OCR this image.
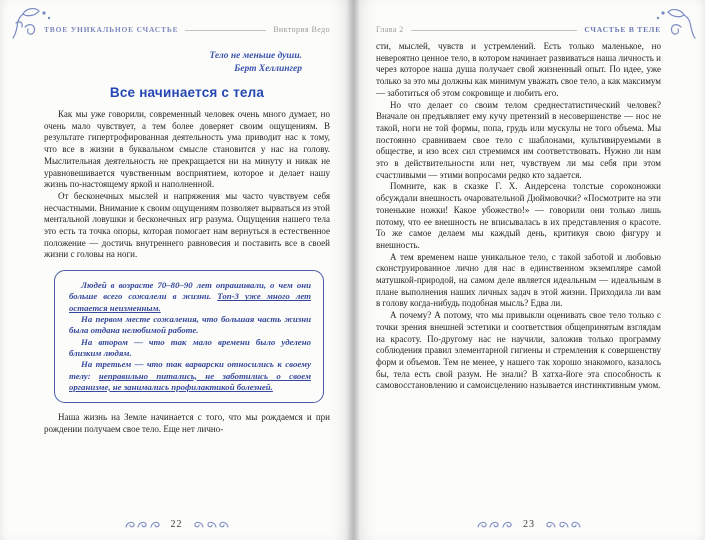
ТВОЕ УНИКАЛЬНОЕ СЧАСТЬЕ	Виктория Ведо
Тело не меньше души.
Берт Хеллингер
Все начинается с тела

Как мы уже говорили, современный человек очень много думает, но очень мало чувствует, а тем более доверяет своим ощущениям. В результате гипертрофированная деятельность ума приводит нас к тому, что все в жизни в буквальном смысле становится у нас на голову. Мыслительная деятельность не прекращается ни на минуту и никак не уравновешивается чувственным восприятием, которое и делает нашу жизнь по-настоящему яркой и наполненной.

От бесконечных мыслей и напряжения мы часто чувствуем себя несчастными. Внимание к своим ощущениям позволяет вырваться из этой ментальной ловушки и бесконечных игр разума. Ощущения нашего тела это есть та точка опоры, которая помогает нам вернуться в естественное положение — достичь внутреннего равновесия и поставить все в своей жизни с головы на ноги.

Людей в возрасте 70–80–90 лет опрашивали, о чем они больше всего сожалели в жизни. Топ-3 уже много лет остается неизменным.

На первом месте сожаления, что большая часть жизни была отдана нелюбимой работе.

На втором — что так мало времени было уделено близким людям.

На третьем — что так варварски относились к своему телу: неправильно питались, не заботились о своем организме, не занимались профилактикой болезней.

Наша жизнь на Земле начинается с того, что мы рождаемся и при рождении получаем свое тело. Еще нет лично-

22
Глава 2	СЧАСТЬЕ В ТЕЛЕ

сти, мыслей, чувств и устремлений. Есть только маленькое, но невероятно ценное тело, в котором начинает развиваться наша личность и через которое наша душа получает свой жизненный опыт. По идее, уже только за это мы должны как минимум уважать свое тело, а как максимум — заботиться об этом сокровище и любить его.

Но что делает со своим телом среднестатистический человек? Вначале он предъявляет ему кучу претензий в несовершенстве — нос не такой, ноги не той формы, попа, грудь или мускулы не того объема. Мы постоянно сравниваем свое тело с шаблонами, культивируемыми в обществе, и изо всех сил стремимся им соответствовать. Нужно ли нам это в действительности или нет, чувствуем ли мы себя при этом счастливыми — этими вопросами редко кто задается.

Помните, как в сказке Г. Х. Андерсена толстые сороконожки обсуждали внешность очаровательной Дюймовочки? «Посмотрите на эти тоненькие ножки! Какое убожество!» — говорили они только лишь потому, что ее внешность не вписывалась в их представления о красоте. То же самое делаем мы каждый день, критикуя свою фигуру и внешность.

А тем временем наше уникальное тело, с такой заботой и любовью сконструированное лично для нас в единственном экземпляре самой матушкой-природой, на самом деле является идеальным — идеальным в плане выполнения наших личных задач в этой жизни. Приходила ли вам в голову когда-нибудь подобная мысль? Едва ли.

А почему? А потому, что мы привыкли оценивать свое тело только с точки зрения внешней эстетики и соответствия общепринятым взглядам на красоту. По-другому нас не научили, заложив только программу соблюдения правил элементарной гигиены и стремления к совершенству форм и объемов. Тем не менее, у нашего так хорошо знакомого, казалось бы, тела есть свой разум. Не знали? В хатха-йоге эта способность к самовосстановлению и самоисцелению называется инстинктивным умом.

23
